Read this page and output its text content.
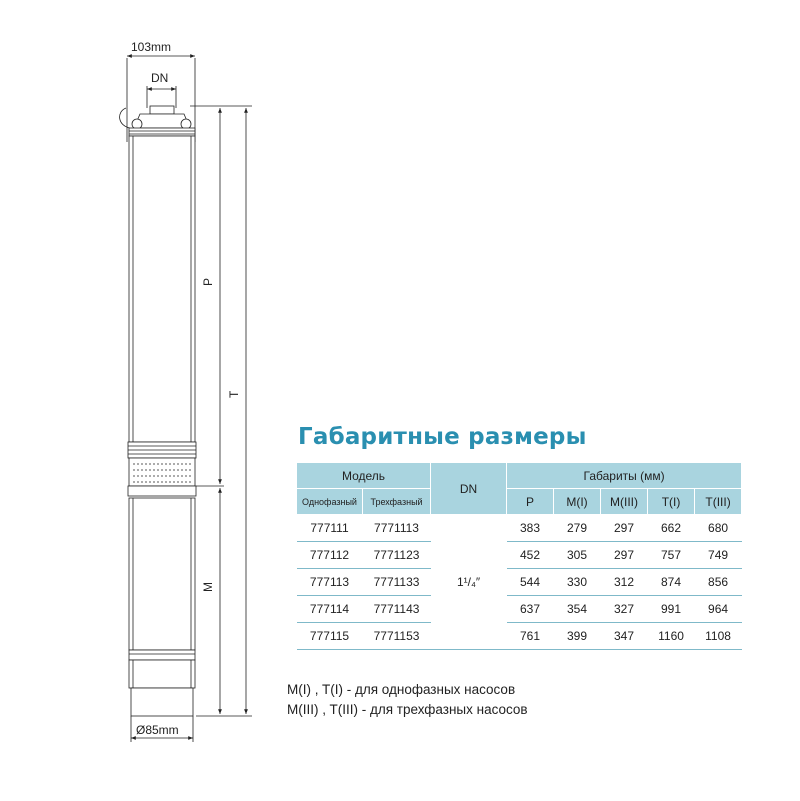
103mm
DN
P
T
M
Ø85mm
Габаритные размеры
Модель		DN	Габариты (мм)				
Однофазный	Трехфазный		P	M(I)	M(III)	T(I)	T(III)
777111	7771113	1¹/₄″	383	279	297	662	680
777112	7771123		452	305	297	757	749
777113	7771133		544	330	312	874	856
777114	7771143		637	354	327	991	964
777115	7771153		761	399	347	1160	1108
M(I) , T(I) - для однофазных насосов
M(III) , T(III) - для трехфазных насосов
